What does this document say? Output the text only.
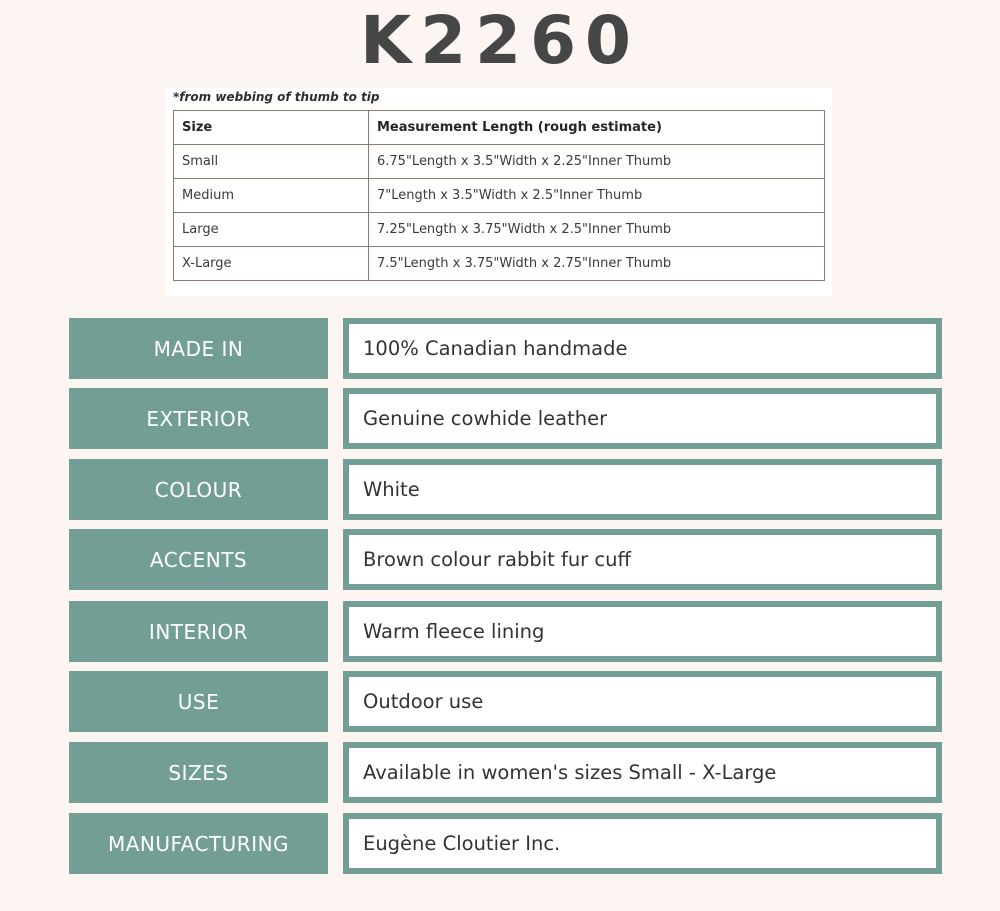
K2260
*from webbing of thumb to tip
Size	Measurement Length (rough estimate)
Small	6.75"Length x 3.5"Width x 2.25"Inner Thumb
Medium	7"Length x 3.5"Width x 2.5"Inner Thumb
Large	7.25"Length x 3.75"Width x 2.5"Inner Thumb
X-Large	7.5"Length x 3.75"Width x 2.75"Inner Thumb
MADE IN	100% Canadian handmade
EXTERIOR	Genuine cowhide leather
COLOUR	White
ACCENTS	Brown colour rabbit fur cuff
INTERIOR	Warm fleece lining
USE	Outdoor use
SIZES	Available in women's sizes Small - X-Large
MANUFACTURING	Eugène Cloutier Inc.
